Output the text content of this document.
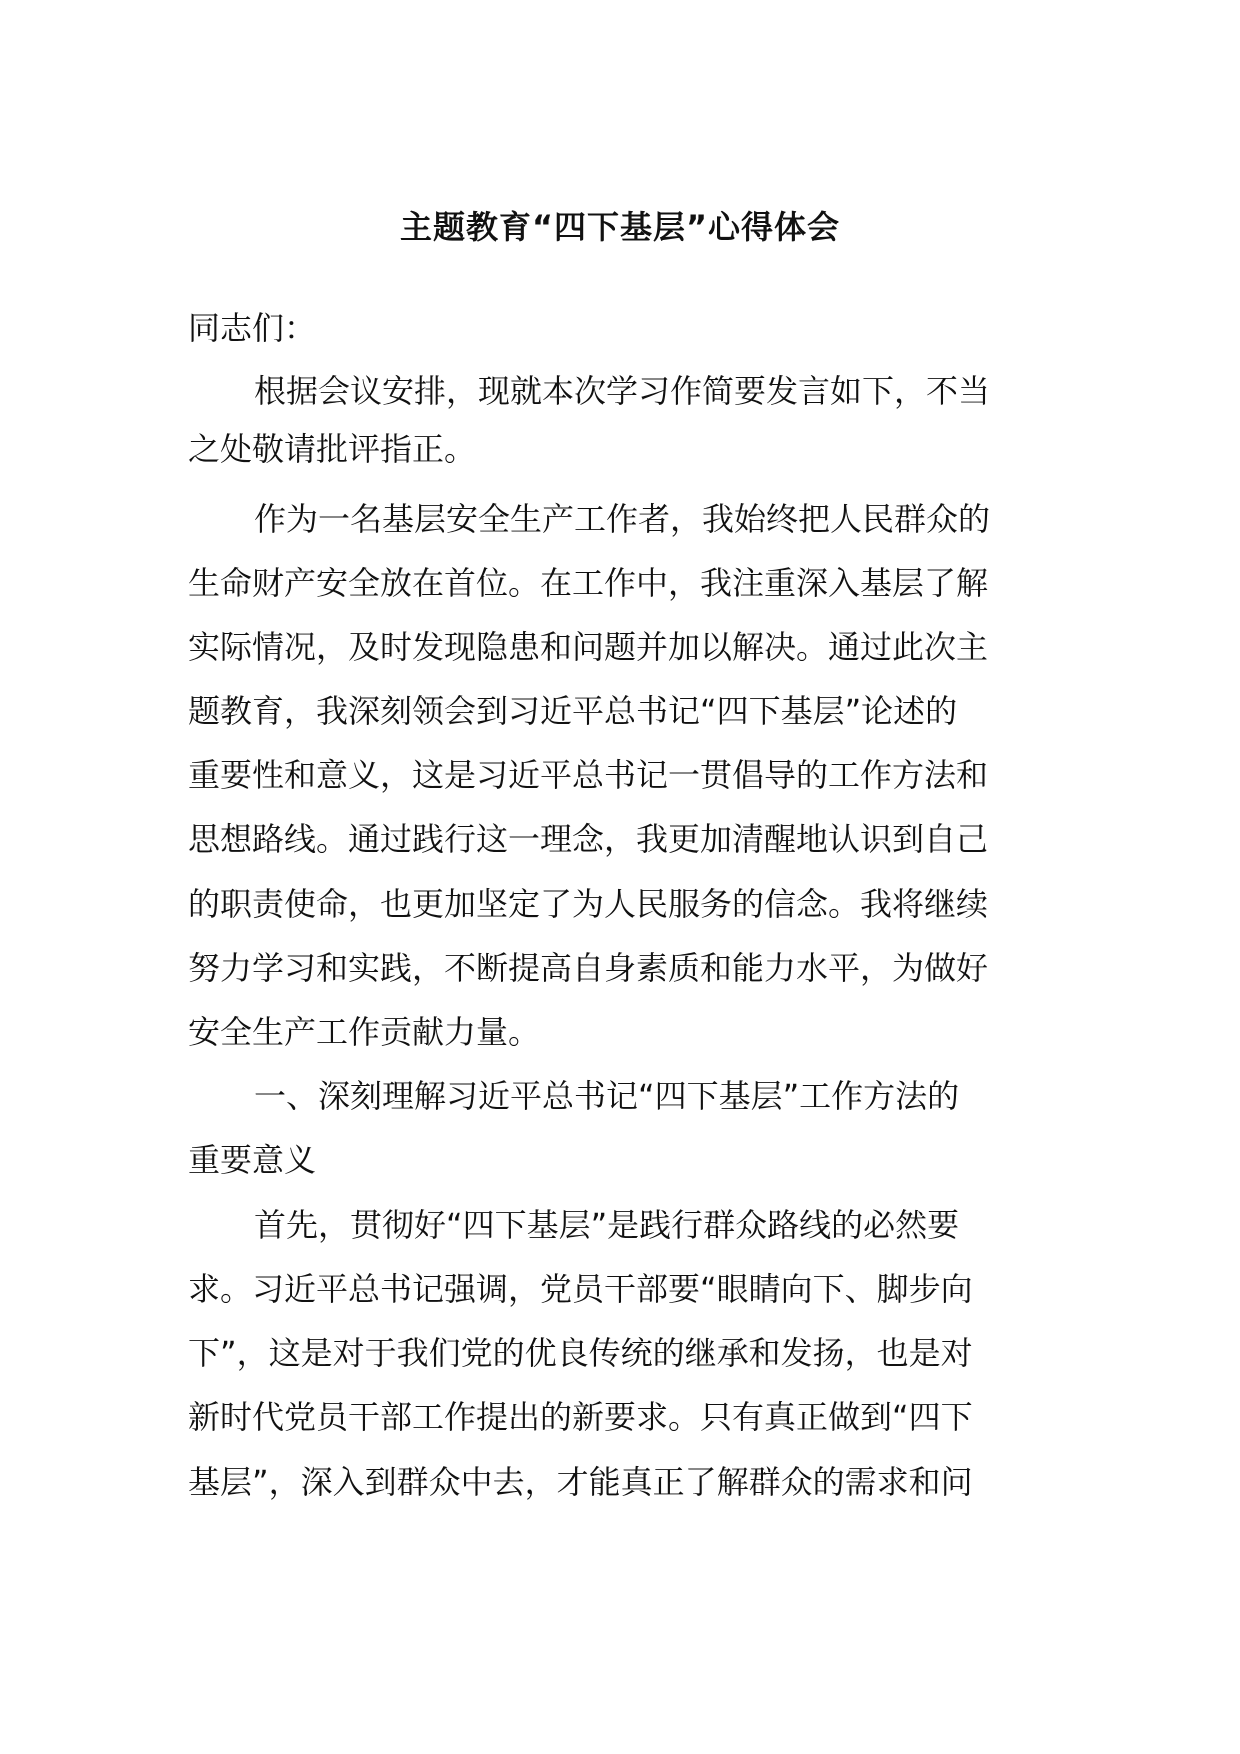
主题教育“四下基层”心得体会

同志们：

根据会议安排，现就本次学习作简要发言如下，不当

之处敬请批评指正。

作为一名基层安全生产工作者，我始终把人民群众的

生命财产安全放在首位。在工作中，我注重深入基层了解

实际情况，及时发现隐患和问题并加以解决。通过此次主

题教育，我深刻领会到习近平总书记“四下基层”论述的

重要性和意义，这是习近平总书记一贯倡导的工作方法和

思想路线。通过践行这一理念，我更加清醒地认识到自己

的职责使命，也更加坚定了为人民服务的信念。我将继续

努力学习和实践，不断提高自身素质和能力水平，为做好

安全生产工作贡献力量。

一、深刻理解习近平总书记“四下基层”工作方法的

重要意义

首先，贯彻好“四下基层”是践行群众路线的必然要

求。习近平总书记强调，党员干部要“眼睛向下、脚步向

下”，这是对于我们党的优良传统的继承和发扬，也是对

新时代党员干部工作提出的新要求。只有真正做到“四下

基层”，深入到群众中去，才能真正了解群众的需求和问
